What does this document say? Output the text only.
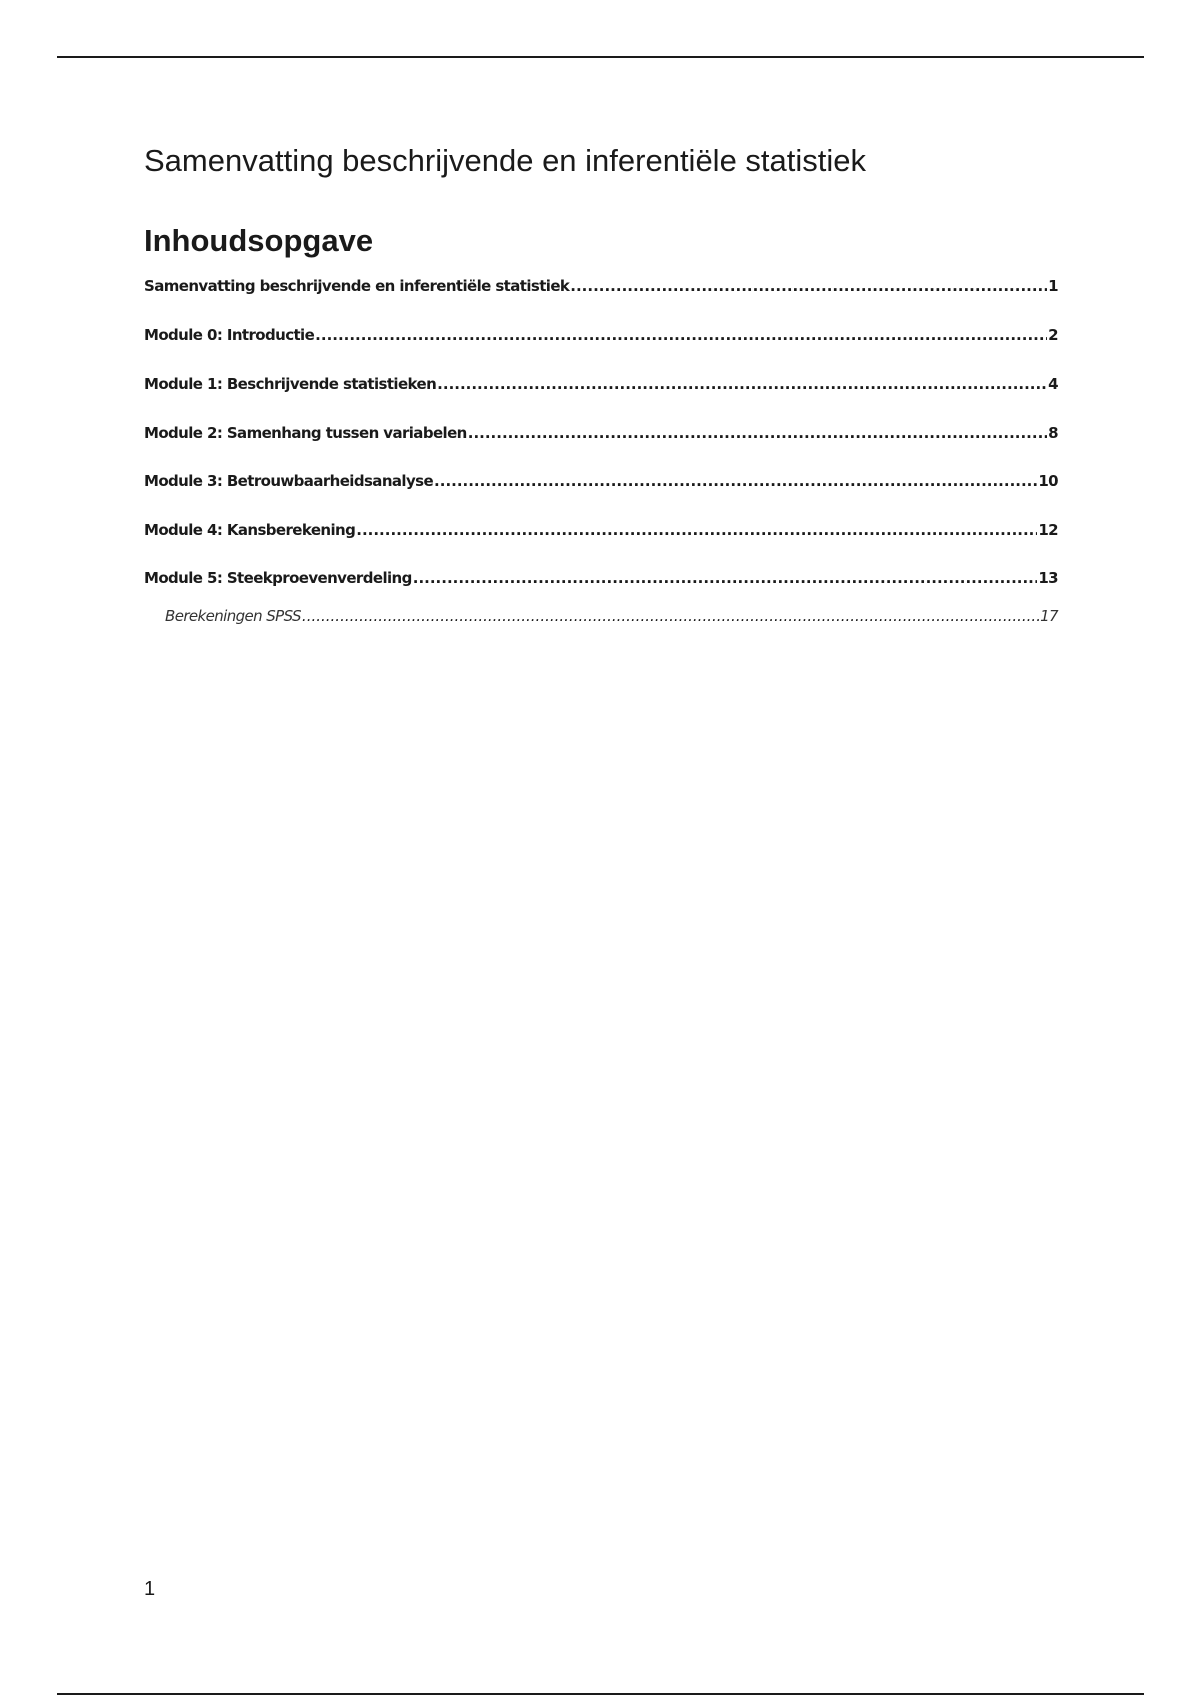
Samenvatting beschrijvende en inferentiële statistiek
Inhoudsopgave
Samenvatting beschrijvende en inferentiële statistiek .....	1
Module 0: Introductie .....	2
Module 1: Beschrijvende statistieken .....	4
Module 2: Samenhang tussen variabelen .....	8
Module 3: Betrouwbaarheidsanalyse .....	10
Module 4: Kansberekening .....	12
Module 5: Steekproevenverdeling .....	13
Berekeningen SPSS .....	17
1
